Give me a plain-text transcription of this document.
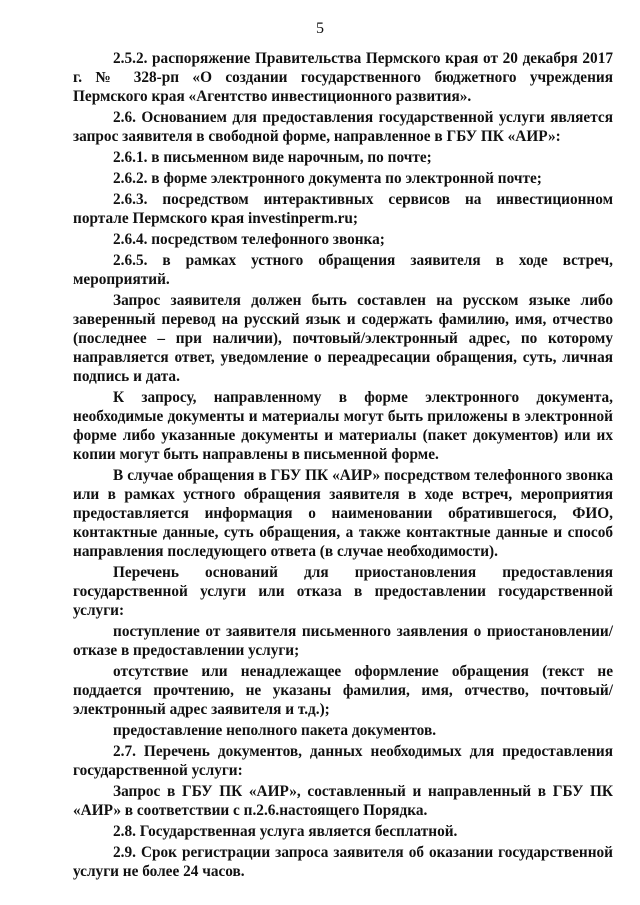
5

2.5.2. распоряжение Правительства Пермского края от 20 декабря 2017 г. № 328-рп «О создании государственного бюджетного учреждения Пермского края «Агентство инвестиционного развития».

2.6. Основанием для предоставления государственной услуги является запрос заявителя в свободной форме, направленное в ГБУ ПК «АИР»:

2.6.1. в письменном виде нарочным, по почте;

2.6.2. в форме электронного документа по электронной почте;

2.6.3. посредством интерактивных сервисов на инвестиционном портале Пермского края investinperm.ru;

2.6.4. посредством телефонного звонка;

2.6.5. в рамках устного обращения заявителя в ходе встреч, мероприятий.

Запрос заявителя должен быть составлен на русском языке либо заверенный перевод на русский язык и содержать фамилию, имя, отчество (последнее – при наличии), почтовый/электронный адрес, по которому направляется ответ, уведомление о переадресации обращения, суть, личная подпись и дата.

К запросу, направленному в форме электронного документа, необходимые документы и материалы могут быть приложены в электронной форме либо указанные документы и материалы (пакет документов) или их копии могут быть направлены в письменной форме.

В случае обращения в ГБУ ПК «АИР» посредством телефонного звонка или в рамках устного обращения заявителя в ходе встреч, мероприятия предоставляется информация о наименовании обратившегося, ФИО, контактные данные, суть обращения, а также контактные данные и способ направления последующего ответа (в случае необходимости).

Перечень оснований для приостановления предоставления государственной услуги или отказа в предоставлении государственной услуги:

поступление от заявителя письменного заявления о приостановлении/отказе в предоставлении услуги;

отсутствие или ненадлежащее оформление обращения (текст не поддается прочтению, не указаны фамилия, имя, отчество, почтовый/электронный адрес заявителя и т.д.);

предоставление неполного пакета документов.

2.7. Перечень документов, данных необходимых для предоставления государственной услуги:

Запрос в ГБУ ПК «АИР», составленный и направленный в ГБУ ПК «АИР» в соответствии с п.2.6.настоящего Порядка.

2.8. Государственная услуга является бесплатной.

2.9. Срок регистрации запроса заявителя об оказании государственной услуги не более 24 часов.
